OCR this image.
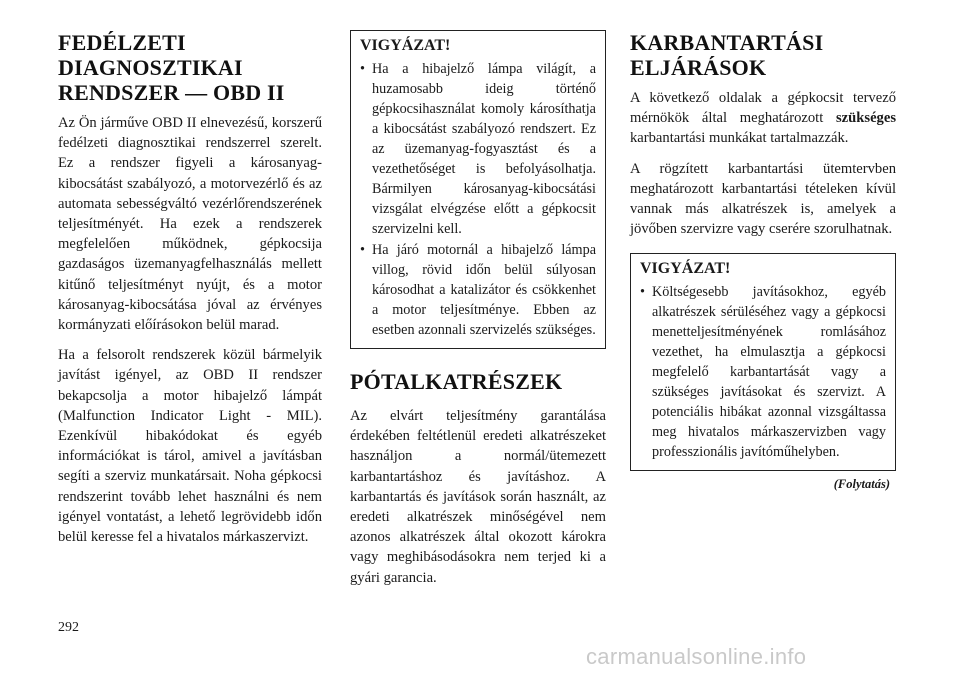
FEDÉLZETI DIAGNOSZTIKAI RENDSZER — OBD II

Az Ön járműve OBD II elnevezésű, korszerű fedélzeti diagnosztikai rendszerrel szerelt. Ez a rendszer figyeli a károsanyag-kibocsátást szabályozó, a motorvezérlő és az automata sebességváltó vezérlőrendszerének teljesítményét. Ha ezek a rendszerek megfelelően működnek, gépkocsija gazdaságos üzemanyagfelhasználás mellett kitűnő teljesítményt nyújt, és a motor károsanyag-kibocsátása jóval az érvényes kormányzati előírásokon belül marad.

Ha a felsorolt rendszerek közül bármelyik javítást igényel, az OBD II rendszer bekapcsolja a motor hibajelző lámpát (Malfunction Indicator Light - MIL). Ezenkívül hibakódokat és egyéb információkat is tárol, amivel a javításban segíti a szerviz munkatársait. Noha gépkocsi rendszerint tovább lehet használni és nem igényel vontatást, a lehető legrövidebb időn belül keresse fel a hivatalos márkaszervizt.

VIGYÁZAT!
• Ha a hibajelző lámpa világít, a huzamosabb ideig történő gépkocsihasználat komoly károsíthatja a kibocsátást szabályozó rendszert. Ez az üzemanyag-fogyasztást és a vezethetőséget is befolyásolhatja. Bármilyen károsanyag-kibocsátási vizsgálat elvégzése előtt a gépkocsit szervizelni kell.
• Ha járó motornál a hibajelző lámpa villog, rövid időn belül súlyosan károsodhat a katalizátor és csökkenhet a motor teljesítménye. Ebben az esetben azonnali szervizelés szükséges.
PÓTALKATRÉSZEK

Az elvárt teljesítmény garantálása érdekében feltétlenül eredeti alkatrészeket használjon a normál/ütemezett karbantartáshoz és javításhoz. A karbantartás és javítások során használt, az eredeti alkatrészek minőségével nem azonos alkatrészek által okozott károkra vagy meghibásodásokra nem terjed ki a gyári garancia.

KARBANTARTÁSI ELJÁRÁSOK

A következő oldalak a gépkocsit tervező mérnökök által meghatározott szükséges karbantartási munkákat tartalmazzák.

A rögzített karbantartási ütemtervben meghatározott karbantartási tételeken kívül vannak más alkatrészek is, amelyek a jövőben szervizre vagy cserére szorulhatnak.

VIGYÁZAT!
• Költségesebb javításokhoz, egyéb alkatrészek sérüléséhez vagy a gépkocsi menetteljesítményének romlásához vezethet, ha elmulasztja a gépkocsi megfelelő karbantartását vagy a szükséges javításokat és szervizt. A potenciális hibákat azonnal vizsgáltassa meg hivatalos márkaszervizben vagy professzionális javítóműhelyben.
(Folytatás)
292
carmanualsonline.info
